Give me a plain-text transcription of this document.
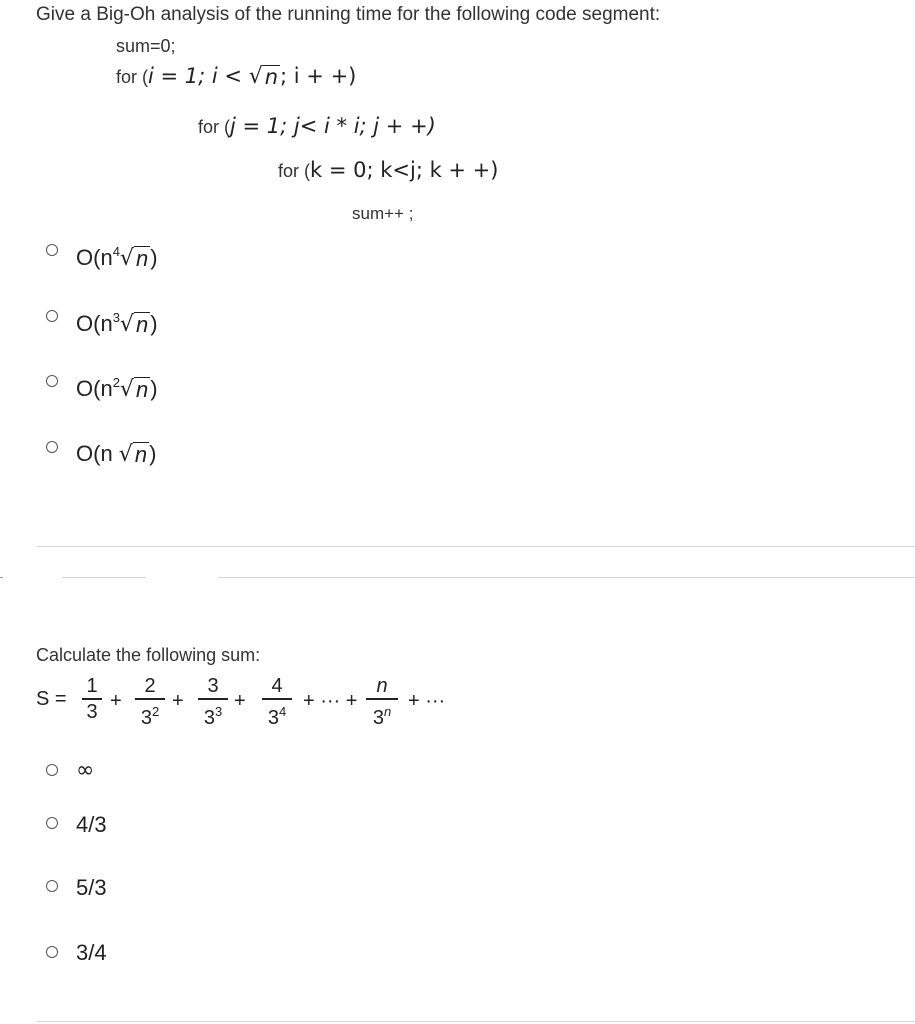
Give a Big-Oh analysis of the running time for the following code segment:
sum=0;
for (i = 1; i < √ n ; i + +)
for (j = 1; j< i * i; j + +)
for (k = 0; k<j; k + +)
sum++ ;
$O(n^4$ √ n )
$O(n^3$ √ n )
$O(n^2$ √ n )
O(n √ n )
Calculate the following sum:
S =
1
3 +
2
$3^2$ +
3
$3^3$ +
4
$3^4$ + ··· +
n
$3^n$ + ···
∞
4/3
5/3
3/4
